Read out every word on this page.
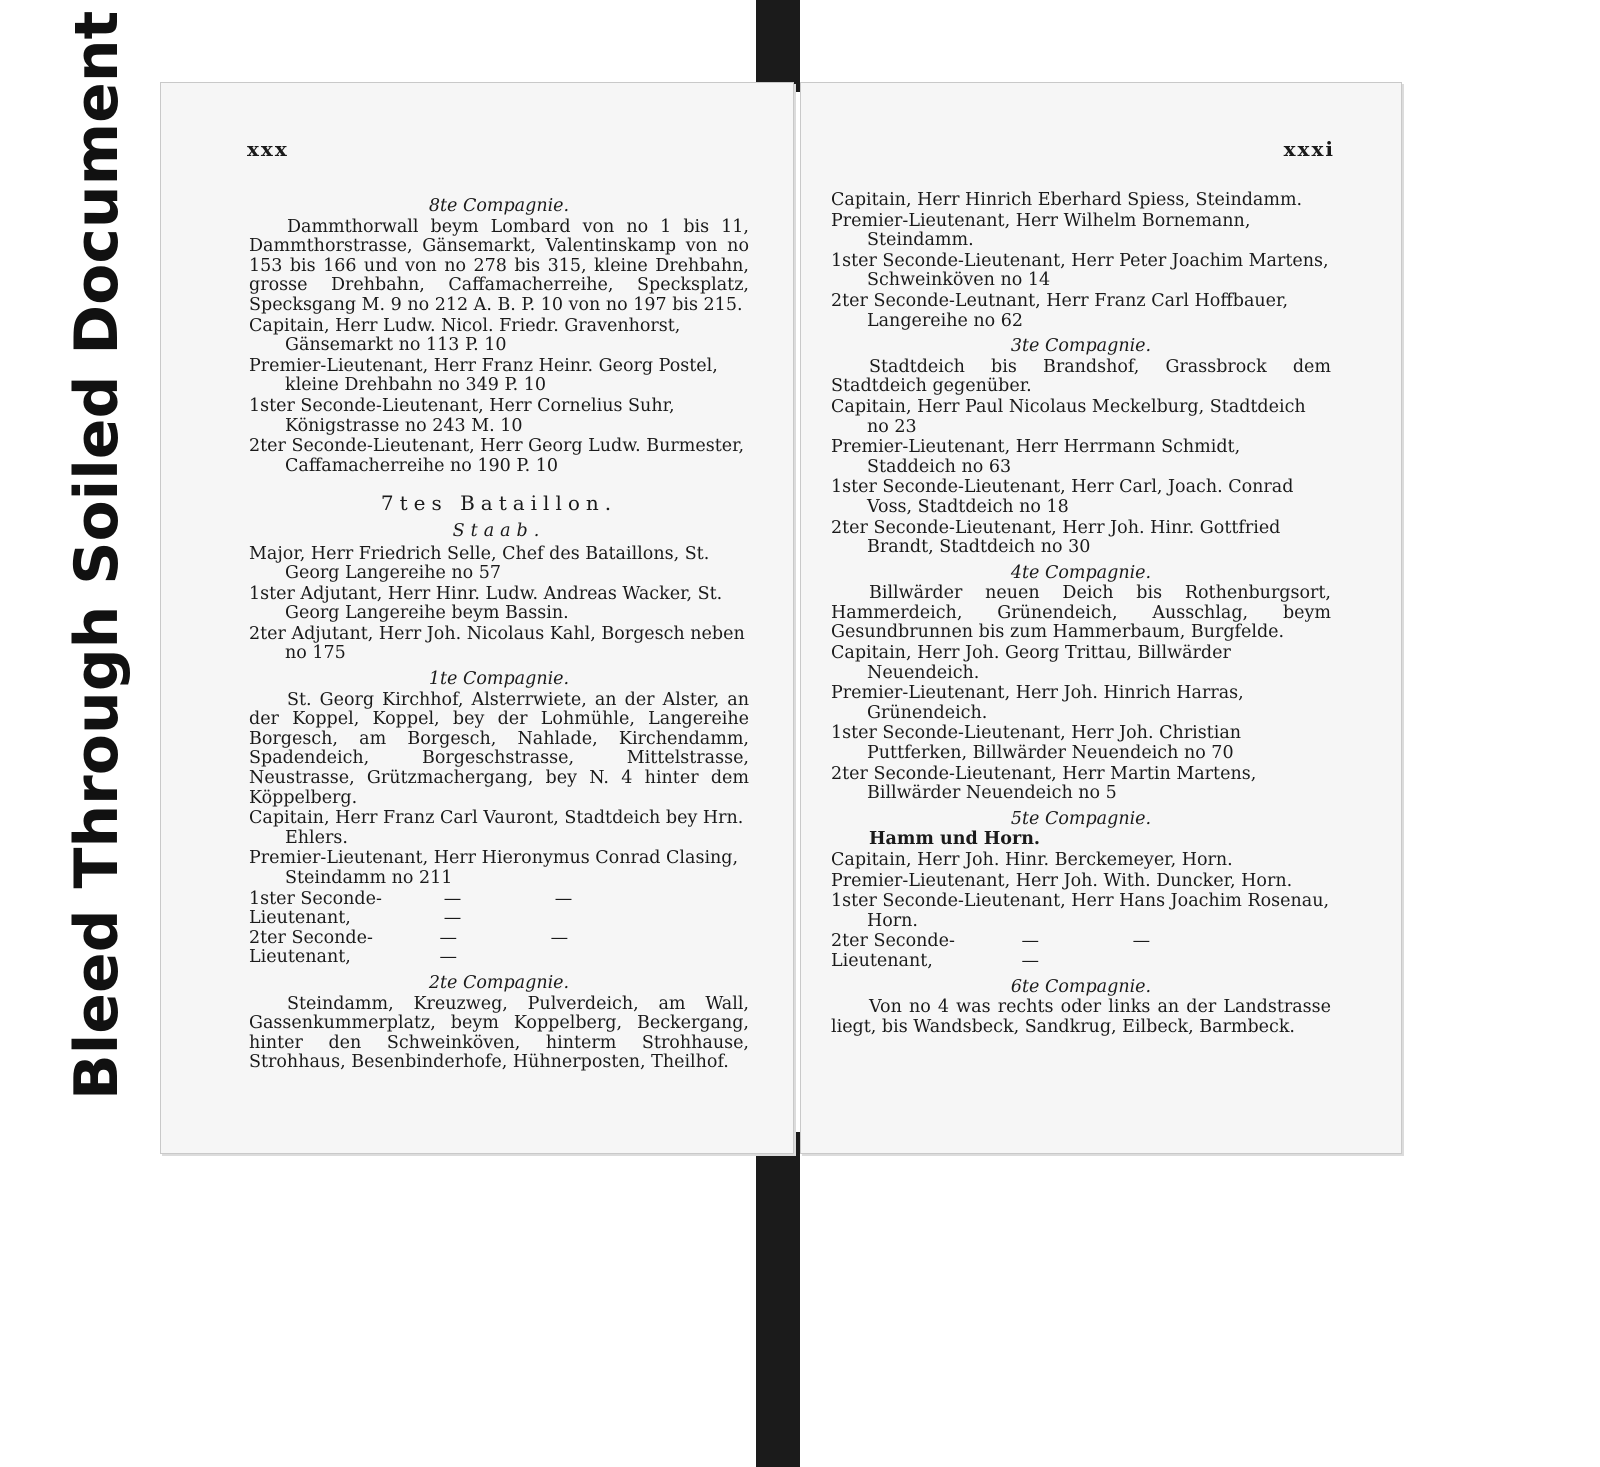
Bleed Through Soiled Document	xxx
8te Compagnie.
Dammthorwall beym Lombard von no 1 bis 11, Dammthorstrasse, Gänsemarkt, Valentinskamp von no 153 bis 166 und von no 278 bis 315, kleine Drehbahn, grosse Drehbahn, Caffamacherreihe, Specksplatz, Specksgang M. 9 no 212 A. B. P. 10 von no 197 bis 215.
Capitain, Herr Ludw. Nicol. Friedr. Gravenhorst, Gänsemarkt no 113 P. 10
Premier-Lieutenant, Herr Franz Heinr. Georg Postel, kleine Drehbahn no 349 P. 10
1ster Seconde-Lieutenant, Herr Cornelius Suhr, Königstrasse no 243 M. 10
2ter Seconde-Lieutenant, Herr Georg Ludw. Burmester, Caffamacherreihe no 190 P. 10
7tes Bataillon.
Staab.
Major, Herr Friedrich Selle, Chef des Bataillons, St. Georg Langereihe no 57
1ster Adjutant, Herr Hinr. Ludw. Andreas Wacker, St. Georg Langereihe beym Bassin.
2ter Adjutant, Herr Joh. Nicolaus Kahl, Borgesch neben no 175
1te Compagnie.
St. Georg Kirchhof, Alsterrwiete, an der Alster, an der Koppel, Koppel, bey der Lohmühle, Langereihe Borgesch, am Borgesch, Nahlade, Kirchendamm, Spadendeich, Borgeschstrasse, Mittelstrasse, Neustrasse, Grützmachergang, bey N. 4 hinter dem Köppelberg.
Capitain, Herr Franz Carl Vauront, Stadtdeich bey Hrn. Ehlers.
Premier-Lieutenant, Herr Hieronymus Conrad Clasing, Steindamm no 211
1ster Seconde-Lieutenant,
— — —
2ter Seconde-Lieutenant,
— — —
2te Compagnie.
Steindamm, Kreuzweg, Pulverdeich, am Wall, Gassenkummerplatz, beym Koppelberg, Beckergang, hinter den Schweinköven, hinterm Strohhause, Strohhaus, Besenbinderhofe, Hühnerposten, Theilhof.
xxxi
Capitain, Herr Hinrich Eberhard Spiess, Steindamm.
Premier-Lieutenant, Herr Wilhelm Bornemann, Steindamm.
1ster Seconde-Lieutenant, Herr Peter Joachim Martens, Schweinköven no 14
2ter Seconde-Leutnant, Herr Franz Carl Hoffbauer, Langereihe no 62
3te Compagnie.
Stadtdeich bis Brandshof, Grassbrock dem Stadtdeich gegenüber.
Capitain, Herr Paul Nicolaus Meckelburg, Stadtdeich no 23
Premier-Lieutenant, Herr Herrmann Schmidt, Staddeich no 63
1ster Seconde-Lieutenant, Herr Carl, Joach. Conrad Voss, Stadtdeich no 18
2ter Seconde-Lieutenant, Herr Joh. Hinr. Gottfried Brandt, Stadtdeich no 30
4te Compagnie.
Billwärder neuen Deich bis Rothenburgsort, Hammerdeich, Grünendeich, Ausschlag, beym Gesundbrunnen bis zum Hammerbaum, Burgfelde.
Capitain, Herr Joh. Georg Trittau, Billwärder Neuendeich.
Premier-Lieutenant, Herr Joh. Hinrich Harras, Grünendeich.
1ster Seconde-Lieutenant, Herr Joh. Christian Puttferken, Billwärder Neuendeich no 70
2ter Seconde-Lieutenant, Herr Martin Martens, Billwärder Neuendeich no 5
5te Compagnie.
Hamm und Horn.
Capitain, Herr Joh. Hinr. Berckemeyer, Horn.
Premier-Lieutenant, Herr Joh. With. Duncker, Horn.
1ster Seconde-Lieutenant, Herr Hans Joachim Rosenau, Horn.
2ter Seconde-Lieutenant,
— — —
6te Compagnie.
Von no 4 was rechts oder links an der Landstrasse liegt, bis Wandsbeck, Sandkrug, Eilbeck, Barmbeck.
